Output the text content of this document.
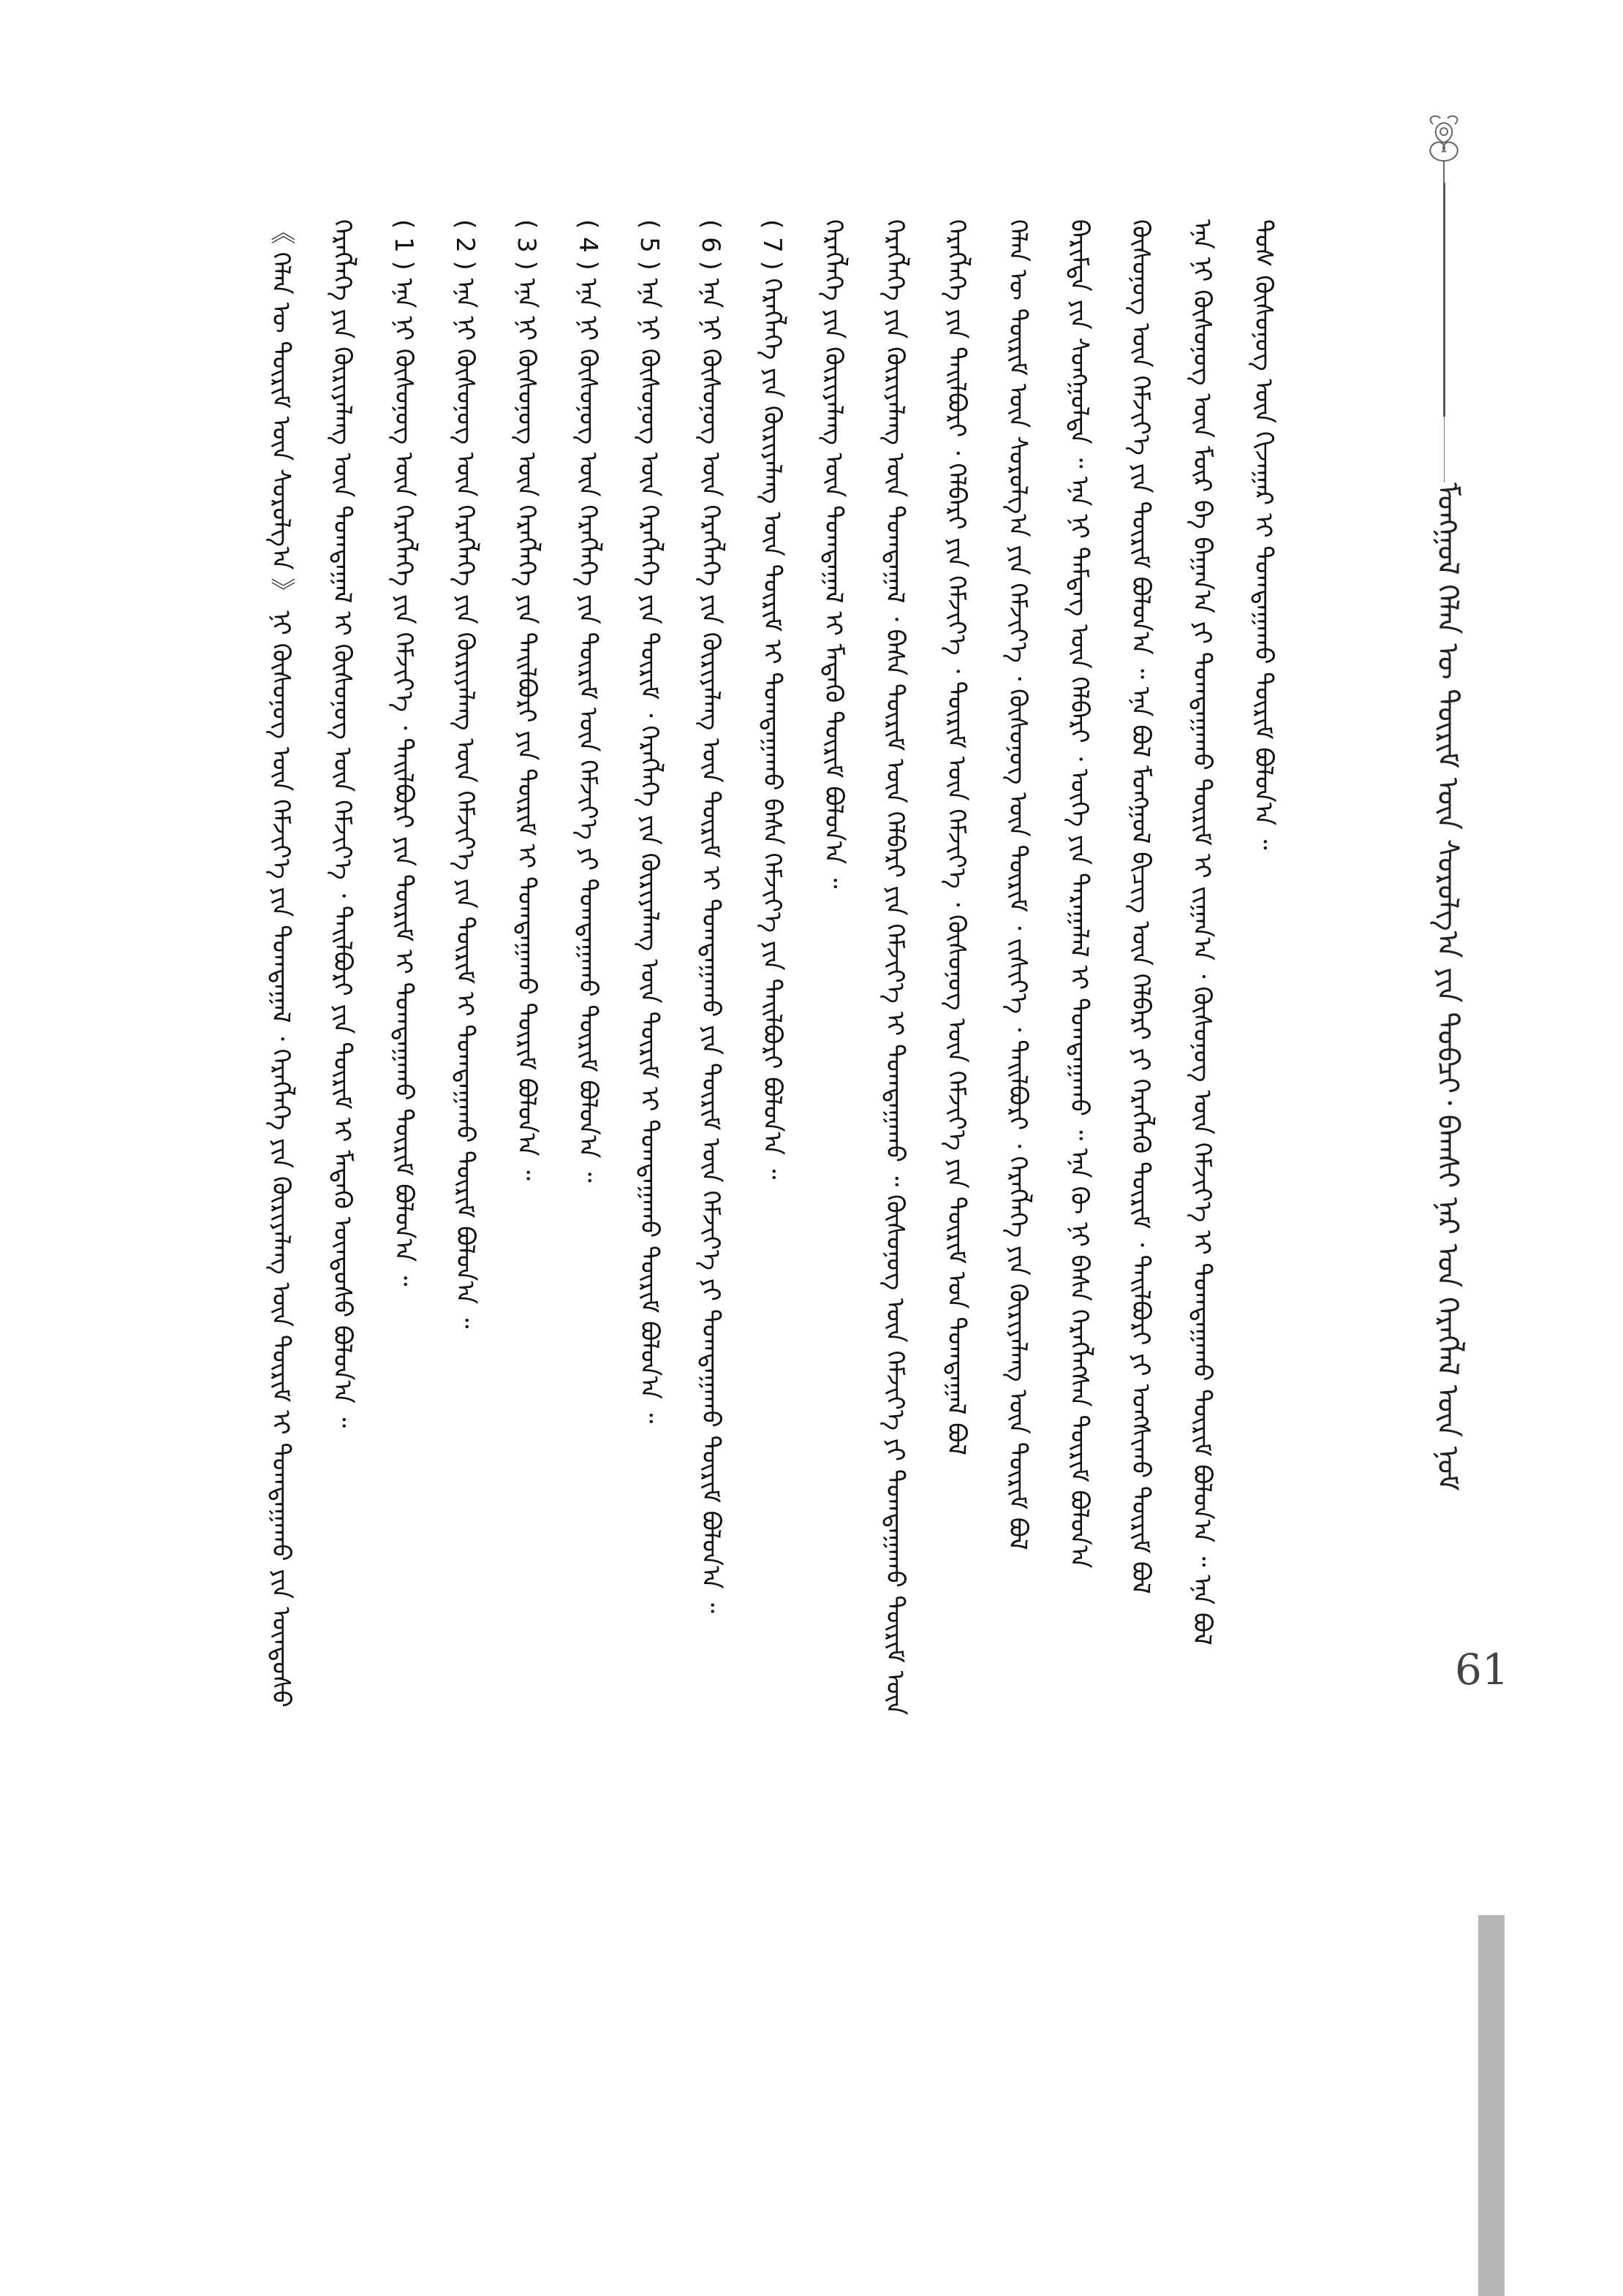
ᠮᠣᠩᠭᠣᠯ ᠬᠡᠯᠡᠨ ᠦ ᠳᠦᠷᠢᠮ ᠦᠨ ᠰᠤᠷᠤᠯᠭ᠎ᠠ ᠶᠢᠨ ᠲᠣᠪᠴᠢ᠂ ᠪᠠᠭᠰᠢ ᠨᠠᠷ ᠤᠨ ᠬᠡᠷᠡᠭᠯᠡᠯ ᠦᠨ ᠨᠣᠮ
61
ᠲᠤᠰ ᠬᠦᠰᠦᠨᠦᠭ ᠦᠨ ᠬᠢᠵᠠᠭᠠᠷ ᠢ ᠲᠣᠭᠲᠠᠭᠠᠬᠤ ᠳᠦᠷᠢᠮ ᠪᠣᠯᠤᠨ᠎ᠠ ᠃
ᠡᠨᠡ ᠨᠢ ᠬᠦᠰᠦᠨᠦᠭ ᠦᠨ ᠮᠦᠷ ᠪᠠ ᠪᠠᠭᠠᠨ᠎ᠠ ᠶᠢ ᠲᠣᠭᠲᠠᠭᠠᠬᠤ ᠳᠦᠷᠢᠮ ᠢ ᠵᠢᠭᠠᠨ᠎ᠠ ᠂ ᠬᠦᠰᠦᠨᠦᠭ ᠦᠨ ᠬᠡᠮᠵᠢᠶ᠎ᠡ ᠢ ᠲᠣᠭᠲᠠᠭᠠᠬᠤ ᠳᠦᠷᠢᠮ ᠪᠣᠯᠤᠨ᠎ᠠ ᠃ ᠡᠨᠡ ᠪᠣᠯ
ᠬᠦᠰᠦᠨᠦᠭ ᠦᠨ ᠬᠡᠮᠵᠢᠶ᠎ᠡ ᠶᠢᠨ ᠳᠦᠷᠢᠮ ᠪᠣᠯᠤᠨ᠎ᠠ ᠃ ᠡᠨᠡ ᠪᠣᠯ ᠮᠣᠩᠭᠣᠯ ᠪᠢᠴᠢᠭ ᠦᠨ ᠬᠡᠯᠪᠡᠷᠢ ᠶᠢ ᠬᠡᠷᠡᠭᠯᠡᠬᠦ ᠳᠦᠷᠢᠮ ᠂ ᠲᠠᠢᠯᠪᠤᠷᠢ ᠶᠢ ᠤᠩᠰᠢᠬᠤ ᠳᠦᠷᠢᠮ ᠪᠣᠯ
ᠪᠠᠷᠢᠮᠲᠠ ᠶᠢᠨ ᠰᠣᠩᠭᠣᠯᠲᠠ ᠃ ᠡᠨᠡ ᠨᠢ ᠲᠡᠮᠳᠡᠭ ᠦᠨ ᠬᠡᠯᠪᠡᠷᠢ ᠂ ᠦᠭᠡ ᠶᠢᠨ ᠳᠠᠷᠠᠭᠠᠯᠠᠯ ᠢ ᠲᠣᠭᠲᠠᠭᠠᠬᠤ ᠃ ᠡᠨᠡ ᠬᠦ ᠨᠢ ᠪᠠᠰᠠ ᠬᠡᠷᠡᠭᠯᠡᠭᠰᠡᠨ ᠳᠦᠷᠢᠮ ᠪᠣᠯᠤᠨ᠎ᠠ
ᠬᠡᠯᠡᠨ ᠦ ᠳᠦᠷᠢᠮ ᠦᠨ ᠰᠤᠷᠤᠯᠭ᠎ᠠ ᠶᠢᠨ ᠬᠡᠮᠵᠢᠶ᠎ᠡ ᠂ ᠬᠦᠰᠦᠨᠦᠭ ᠦᠨ ᠳᠦᠷᠢᠮ ᠂ ᠵᠢᠱᠢᠶ᠎ᠡ ᠂ ᠲᠠᠢᠯᠪᠤᠷᠢ ᠂ ᠬᠡᠷᠡᠭᠯᠡᠭᠡ ᠶᠢᠨ ᠬᠦᠷᠢᠶᠡᠯᠡᠩ ᠦᠨ ᠳᠦᠷᠢᠮ ᠪᠣᠯ
ᠬᠡᠷᠡᠭᠯᠡᠭᠡ ᠶᠢᠨ ᠲᠠᠢᠯᠪᠤᠷᠢ ᠂ ᠬᠡᠯᠪᠡᠷᠢ ᠶᠢᠨ ᠬᠡᠮᠵᠢᠶ᠎ᠡ ᠂ ᠳᠦᠷᠢᠮ ᠦᠨ ᠬᠡᠮᠵᠢᠶ᠎ᠡ ᠂ ᠬᠦᠰᠦᠨᠦᠭ ᠦᠨ ᠬᠡᠮᠵᠢᠶ᠎ᠡ ᠶᠢᠨ ᠳᠦᠷᠢᠮ ᠤᠨ ᠲᠣᠭᠲᠠᠭᠠᠯ ᠪᠣᠯ
ᠬᠡᠷᠡᠭᠯᠡᠭᠡ ᠶᠢᠨ ᠬᠦᠷᠢᠶᠡᠯᠡᠩ ᠦᠨ ᠲᠣᠭᠲᠠᠭᠠᠯ ᠂ ᠪᠠᠰᠠ ᠳᠦᠷᠢᠮ ᠦᠨ ᠬᠡᠯᠪᠡᠷᠢ ᠶᠢᠨ ᠬᠡᠮᠵᠢᠶ᠎ᠡ ᠢ ᠲᠣᠭᠲᠠᠭᠠᠬᠤ ᠃ ᠬᠦᠰᠦᠨᠦᠭ ᠦᠨ ᠬᠡᠮᠵᠢᠶ᠎ᠡ ᠶᠢ ᠲᠣᠭᠲᠠᠭᠠᠬᠤ ᠳᠦᠷᠢᠮ ᠦᠨ
ᠬᠡᠷᠡᠭᠯᠡᠭᠡ ᠶᠢᠨ ᠬᠦᠷᠢᠶᠡᠯᠡᠩ ᠦᠨ ᠲᠣᠭᠲᠠᠭᠠᠯ ᠢ ᠮᠡᠳᠡᠬᠦ ᠳᠦᠷᠢᠮ ᠪᠣᠯᠤᠨ᠎ᠠ ᠃
( 7 ) ᠬᠡᠷᠡᠭᠯᠡᠭᠡ ᠶᠢᠨ ᠬᠦᠷᠢᠶᠡᠯᠡᠩ ᠦᠨ ᠳᠦᠷᠢᠮ ᠢ ᠲᠣᠭᠲᠠᠭᠠᠬᠤ ᠪᠠᠰᠠ ᠬᠡᠮᠵᠢᠶ᠎ᠡ ᠶᠢᠨ ᠲᠠᠢᠯᠪᠤᠷᠢ ᠪᠣᠯᠤᠨ᠎ᠠ ᠃
( 6 ) ᠡᠨᠡ ᠨᠢ ᠬᠦᠰᠦᠨᠦᠭ ᠦᠨ ᠬᠡᠷᠡᠭᠯᠡᠭᠡ ᠶᠢᠨ ᠬᠦᠷᠢᠶᠡᠯᠡᠩ ᠦᠨ ᠳᠦᠷᠢᠮ ᠢ ᠲᠣᠭᠲᠠᠭᠠᠬᠤ ᠶᠢᠨ ᠳᠦᠷᠢᠮ ᠦᠨ ᠬᠡᠮᠵᠢᠶ᠎ᠡ ᠶᠢ ᠲᠣᠭᠲᠠᠭᠠᠬᠤ ᠳᠦᠷᠢᠮ ᠪᠣᠯᠤᠨ᠎ᠠ ᠃
( 5 ) ᠡᠨᠡ ᠨᠢ ᠬᠦᠰᠦᠨᠦᠭ ᠦᠨ ᠬᠡᠷᠡᠭᠯᠡᠭᠡ ᠶᠢᠨ ᠳᠦᠷᠢᠮ ᠂ ᠬᠡᠷᠡᠭᠯᠡᠭᠡ ᠶᠢᠨ ᠬᠦᠷᠢᠶᠡᠯᠡᠩ ᠦᠨ ᠳᠦᠷᠢᠮ ᠢ ᠲᠣᠭᠲᠠᠭᠠᠬᠤ ᠳᠦᠷᠢᠮ ᠪᠣᠯᠤᠨ᠎ᠠ ᠃
( 4 ) ᠡᠨᠡ ᠨᠢ ᠬᠦᠰᠦᠨᠦᠭ ᠦᠨ ᠬᠡᠷᠡᠭᠯᠡᠭᠡ ᠶᠢᠨ ᠳᠦᠷᠢᠮ ᠦᠨ ᠬᠡᠮᠵᠢᠶ᠎ᠡ ᠶᠢ ᠲᠣᠭᠲᠠᠭᠠᠬᠤ ᠳᠦᠷᠢᠮ ᠪᠣᠯᠤᠨ᠎ᠠ ᠃
( 3 ) ᠡᠨᠡ ᠨᠢ ᠬᠦᠰᠦᠨᠦᠭ ᠦᠨ ᠬᠡᠷᠡᠭᠯᠡᠭᠡ ᠶᠢᠨ ᠲᠠᠢᠯᠪᠤᠷᠢ ᠶᠢᠨ ᠳᠦᠷᠢᠮ ᠢ ᠲᠣᠭᠲᠠᠭᠠᠬᠤ ᠳᠦᠷᠢᠮ ᠪᠣᠯᠤᠨ᠎ᠠ ᠃
( 2 ) ᠡᠨᠡ ᠨᠢ ᠬᠦᠰᠦᠨᠦᠭ ᠦᠨ ᠬᠡᠷᠡᠭᠯᠡᠭᠡ ᠶᠢᠨ ᠬᠦᠷᠢᠶᠡᠯᠡᠩ ᠦᠨ ᠬᠡᠮᠵᠢᠶ᠎ᠡ ᠶᠢᠨ ᠳᠦᠷᠢᠮ ᠢ ᠲᠣᠭᠲᠠᠭᠠᠬᠤ ᠳᠦᠷᠢᠮ ᠪᠣᠯᠤᠨ᠎ᠠ ᠃
( 1 ) ᠡᠨᠡ ᠨᠢ ᠬᠦᠰᠦᠨᠦᠭ ᠦᠨ ᠬᠡᠷᠡᠭᠯᠡᠭᠡ ᠶᠢᠨ ᠬᠡᠮᠵᠢᠶ᠎ᠡ ᠂ ᠲᠠᠢᠯᠪᠤᠷᠢ ᠶᠢᠨ ᠳᠦᠷᠢᠮ ᠢ ᠲᠣᠭᠲᠠᠭᠠᠬᠤ ᠳᠦᠷᠢᠮ ᠪᠣᠯᠤᠨ᠎ᠠ ᠃
ᠬᠡᠷᠡᠭᠯᠡᠭᠡ ᠶᠢᠨ ᠬᠦᠷᠢᠶᠡᠯᠡᠩ ᠦᠨ ᠲᠣᠭᠲᠠᠭᠠᠯ ᠢ ᠬᠦᠰᠦᠨᠦᠭ ᠦᠨ ᠬᠡᠮᠵᠢᠶ᠎ᠡ ᠂ ᠲᠠᠢᠯᠪᠤᠷᠢ ᠶᠢᠨ ᠳᠦᠷᠢᠮ ᠢ ᠮᠡᠳᠡᠬᠦ ᠦᠨᠳᠦᠰᠦ ᠪᠣᠯᠤᠨ᠎ᠠ ᠃
《 ᠬᠡᠯᠡᠨ ᠦ ᠳᠦᠷᠢᠮ ᠦᠨ ᠰᠤᠷᠤᠯᠭ᠎ᠠ 》 ᠨᠢ ᠬᠦᠰᠦᠨᠦᠭ ᠦᠨ ᠬᠡᠮᠵᠢᠶ᠎ᠡ ᠶᠢᠨ ᠲᠣᠭᠲᠠᠭᠠᠯ ᠂ ᠬᠡᠷᠡᠭᠯᠡᠭᠡ ᠶᠢᠨ ᠬᠦᠷᠢᠶᠡᠯᠡᠩ ᠦᠨ ᠳᠦᠷᠢᠮ ᠢ ᠲᠣᠭᠲᠠᠭᠠᠬᠤ ᠶᠢᠨ ᠦᠨᠳᠦᠰᠦ
